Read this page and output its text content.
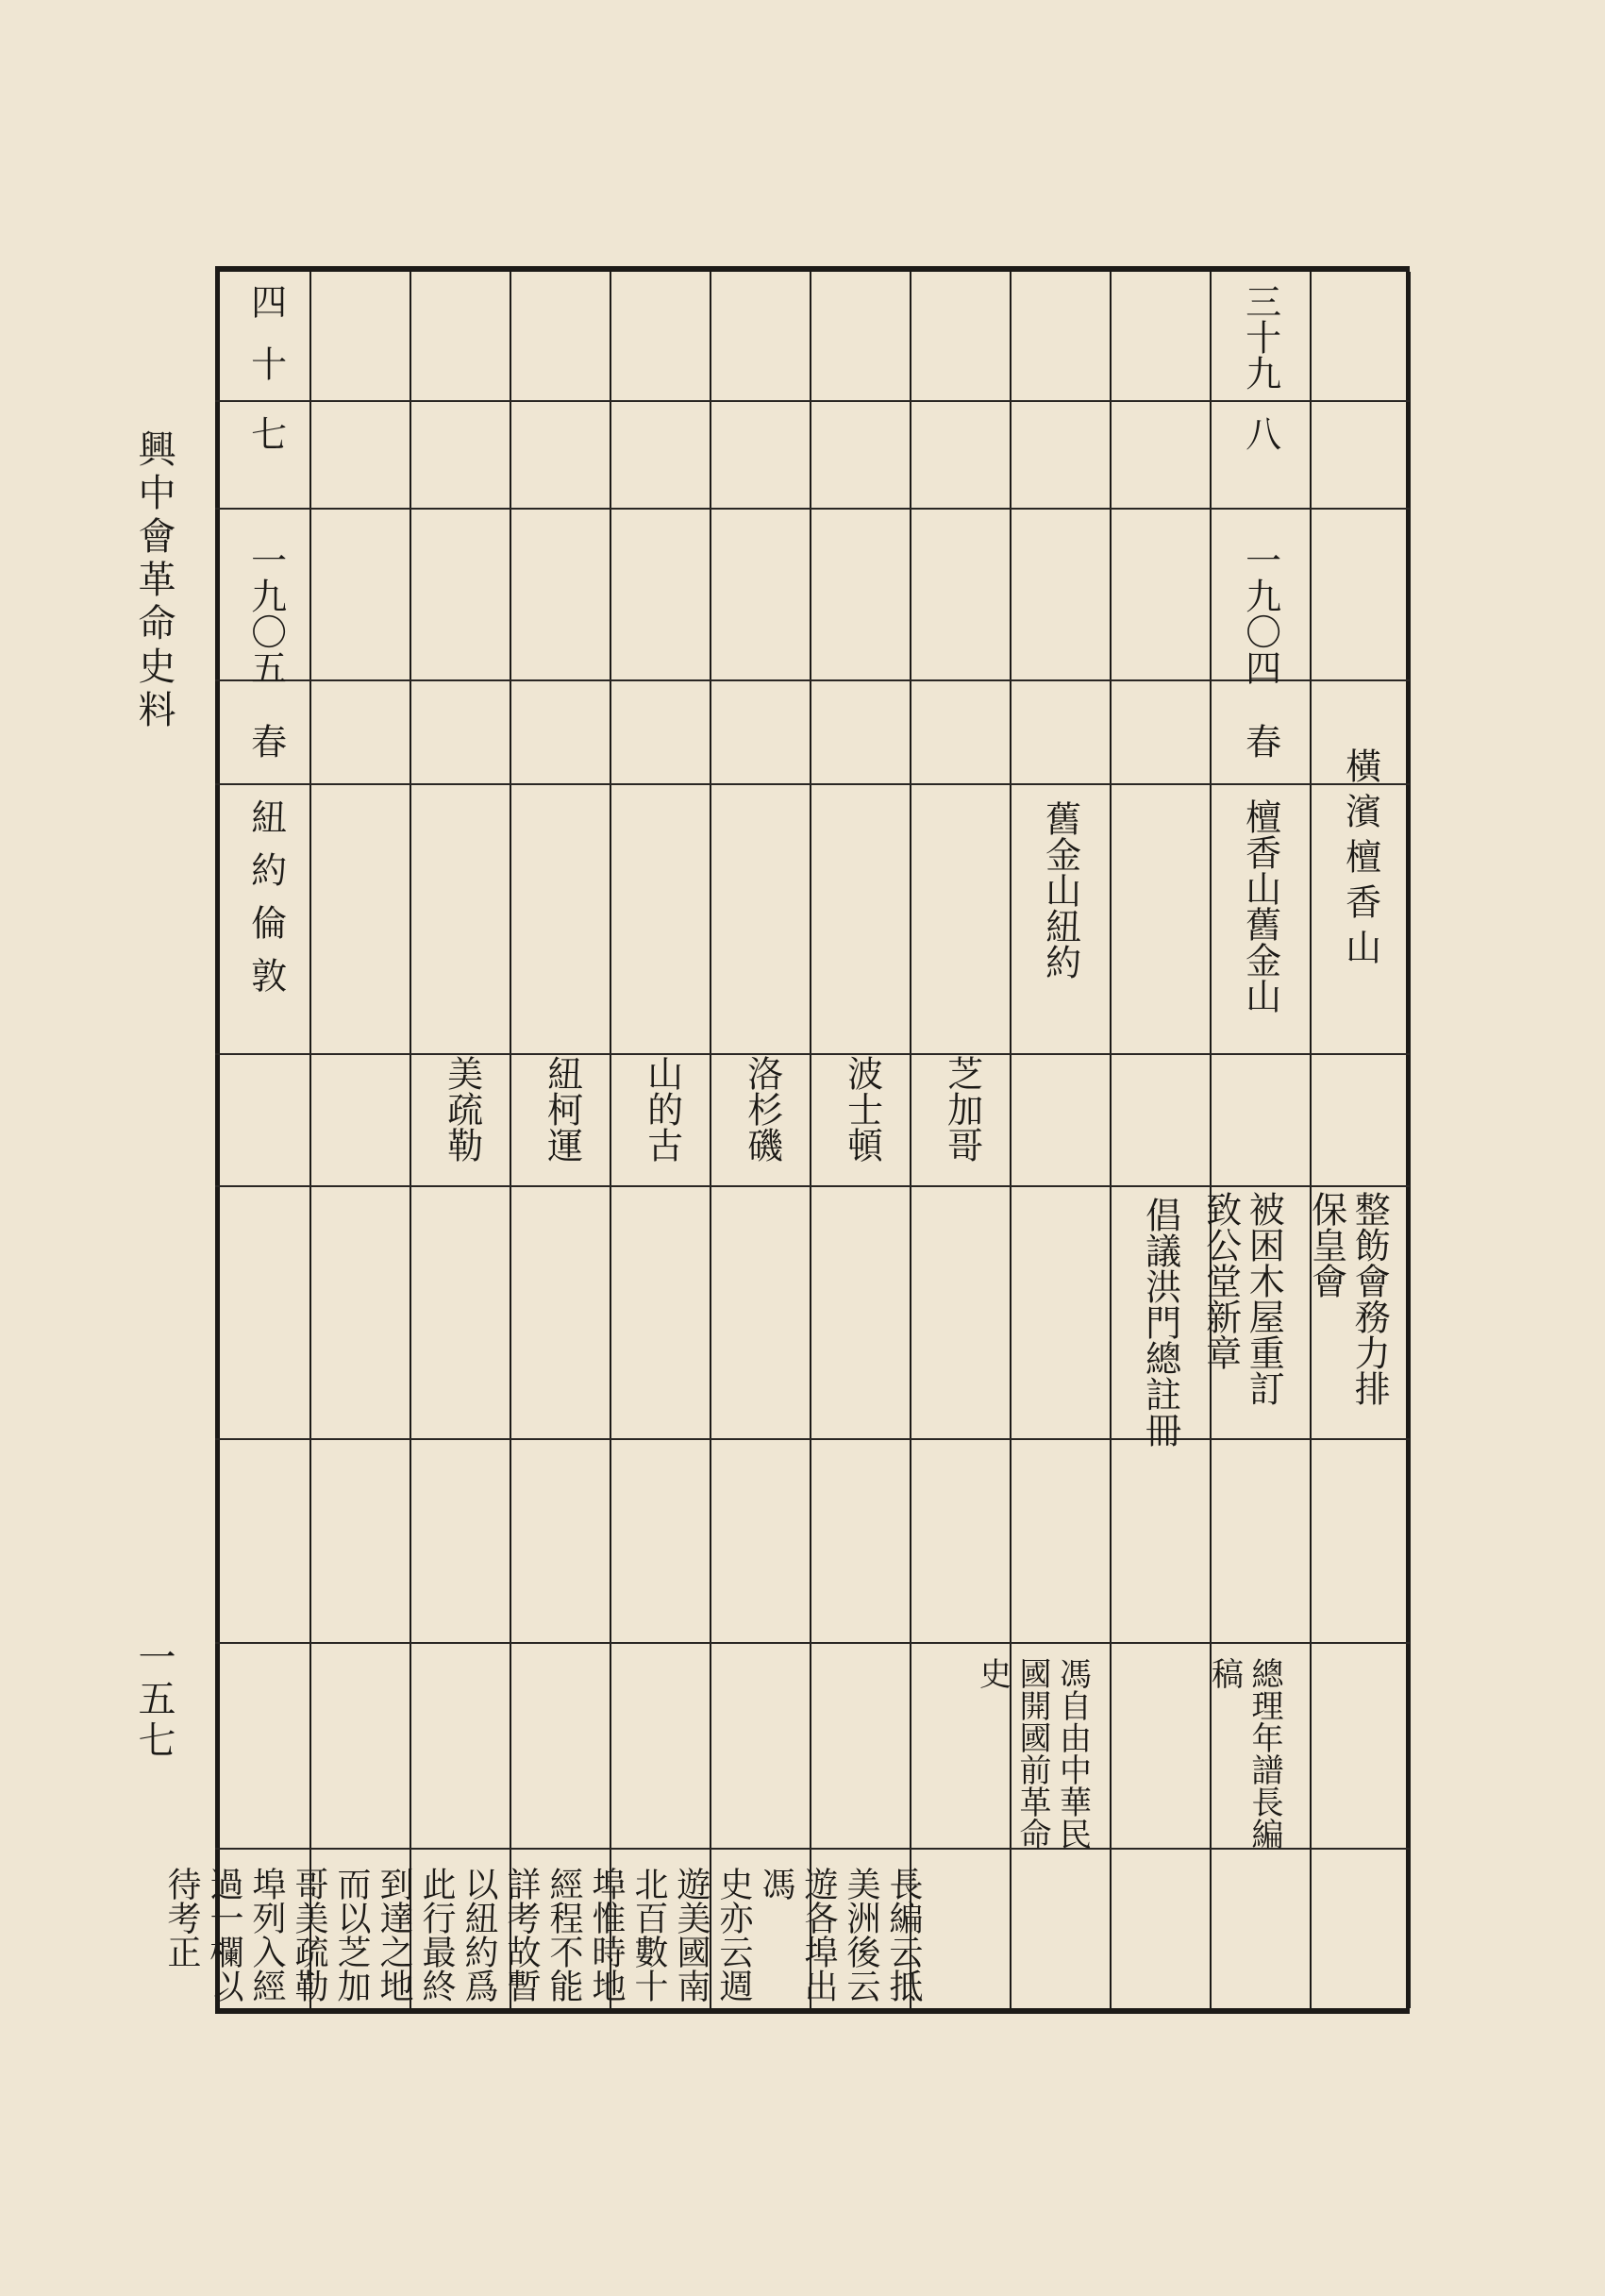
興中會革命史料
一五七
四十
七
一九〇五
春
紐約倫敦
美疏勒 紐柯運 山的古 洛杉磯 波士頓 芝加哥
舊金山紐約
馮自由中華民國開國前革命史
倡議洪門總註冊
三十九
八
一九〇四
春
檀香山舊金山
被困木屋重訂致公堂新章
橫濱檀香山
整飭會務力排保皇會
總理年譜長編稿
長編云抵
美洲後云
遊各埠出馮
史亦云週
遊美國南
北百數十
埠惟時地
經程不能
詳考故暫
以紐約爲
此行最終
到達之地
而以芝加
哥美疏勒
埠列入經
過一欄以
待考正
